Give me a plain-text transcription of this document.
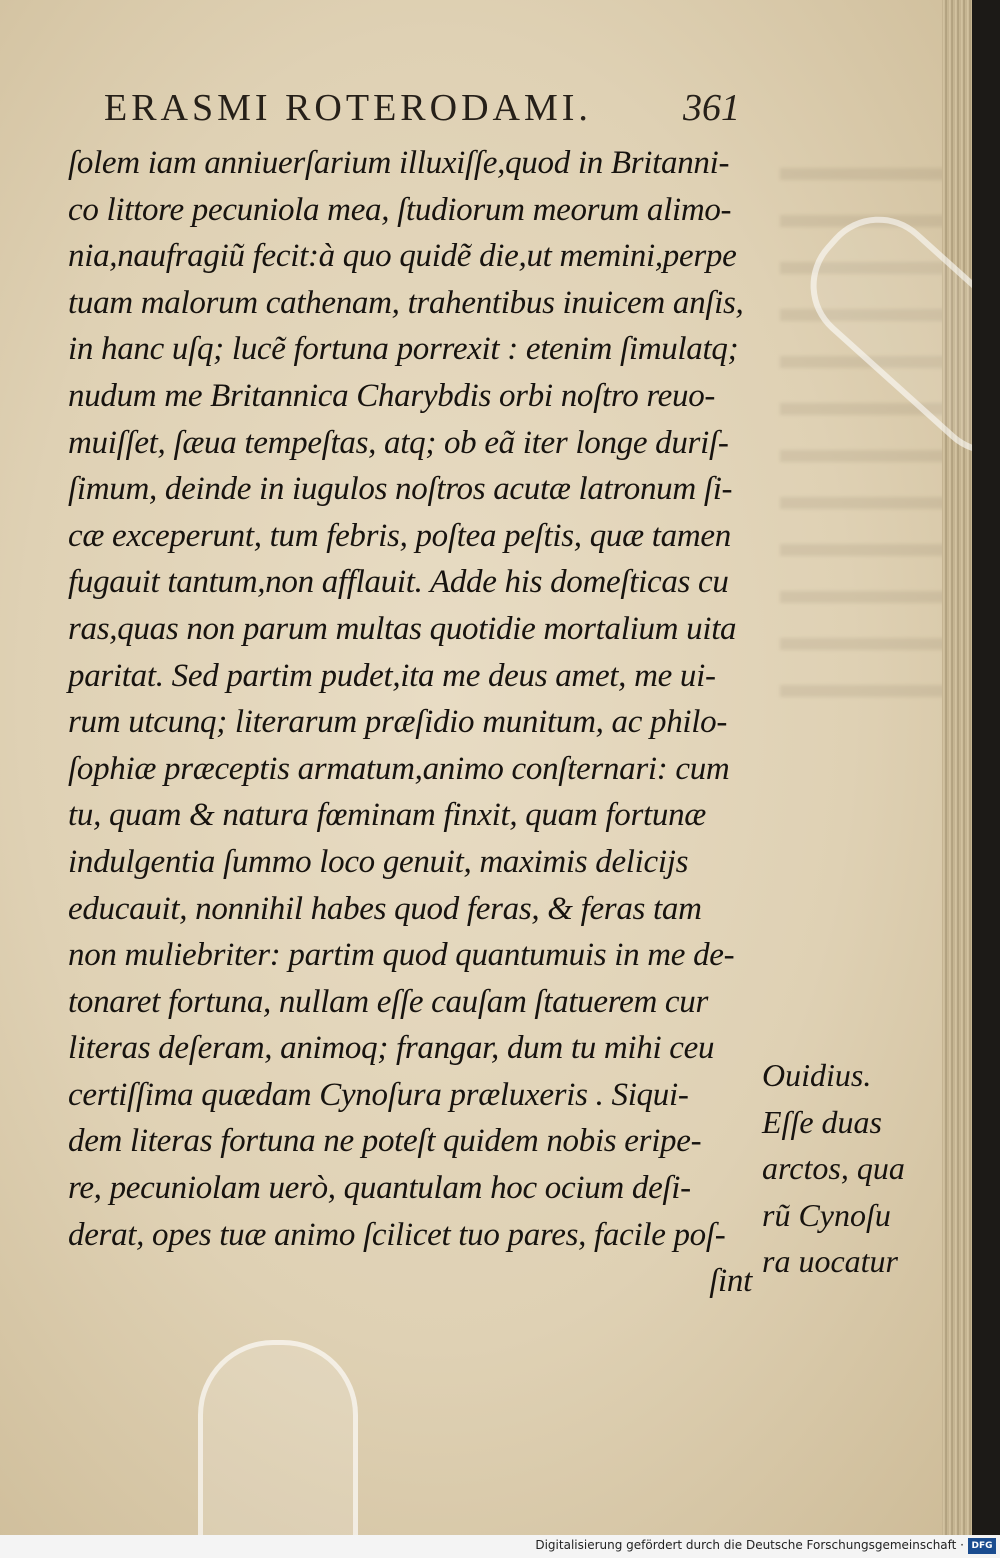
ERASMI ROTERODAMI.	361
ſolem iam anniuerſarium illuxiſſe,quod in Britanni-
co littore pecuniola mea, ſtudiorum meorum alimo-
nia,naufragiũ fecit:à quo quidẽ die,ut memini,perpe
tuam malorum cathenam, trahentibus inuicem anſis,
in hanc uſq; lucẽ fortuna porrexit : etenim ſimulatq;
nudum me Britannica Charybdis orbi noſtro reuo-
muiſſet, ſæua tempeſtas, atq; ob eã iter longe duriſ-
ſimum, deinde in iugulos noſtros acutæ latronum ſi-
cæ exceperunt, tum febris, poſtea peſtis, quæ tamen
fugauit tantum,non afflauit. Adde his domeſticas cu
ras,quas non parum multas quotidie mortalium uita
paritat. Sed partim pudet,ita me deus amet, me ui-
rum utcunq; literarum præſidio munitum, ac philo-
ſophiæ præceptis armatum,animo conſternari: cum
tu, quam & natura fœminam finxit, quam fortunæ
indulgentia ſummo loco genuit, maximis delicijs
educauit, nonnihil habes quod feras, & feras tam
non muliebriter: partim quod quantumuis in me de-
tonaret fortuna, nullam eſſe cauſam ſtatuerem cur
literas deſeram, animoq; frangar, dum tu mihi ceu
certiſſima quædam Cynoſura præluxeris . Siqui-
dem literas fortuna ne poteſt quidem nobis eripe-
re, pecuniolam uerò, quantulam hoc ocium deſi-
derat, opes tuæ animo ſcilicet tuo pares, facile poſ-
ſint
Ouidius.
Eſſe duas
arctos, qua
rũ Cynoſu
ra uocatur
Digitalisierung gefördert durch die Deutsche Forschungsgemeinschaft · DFG
